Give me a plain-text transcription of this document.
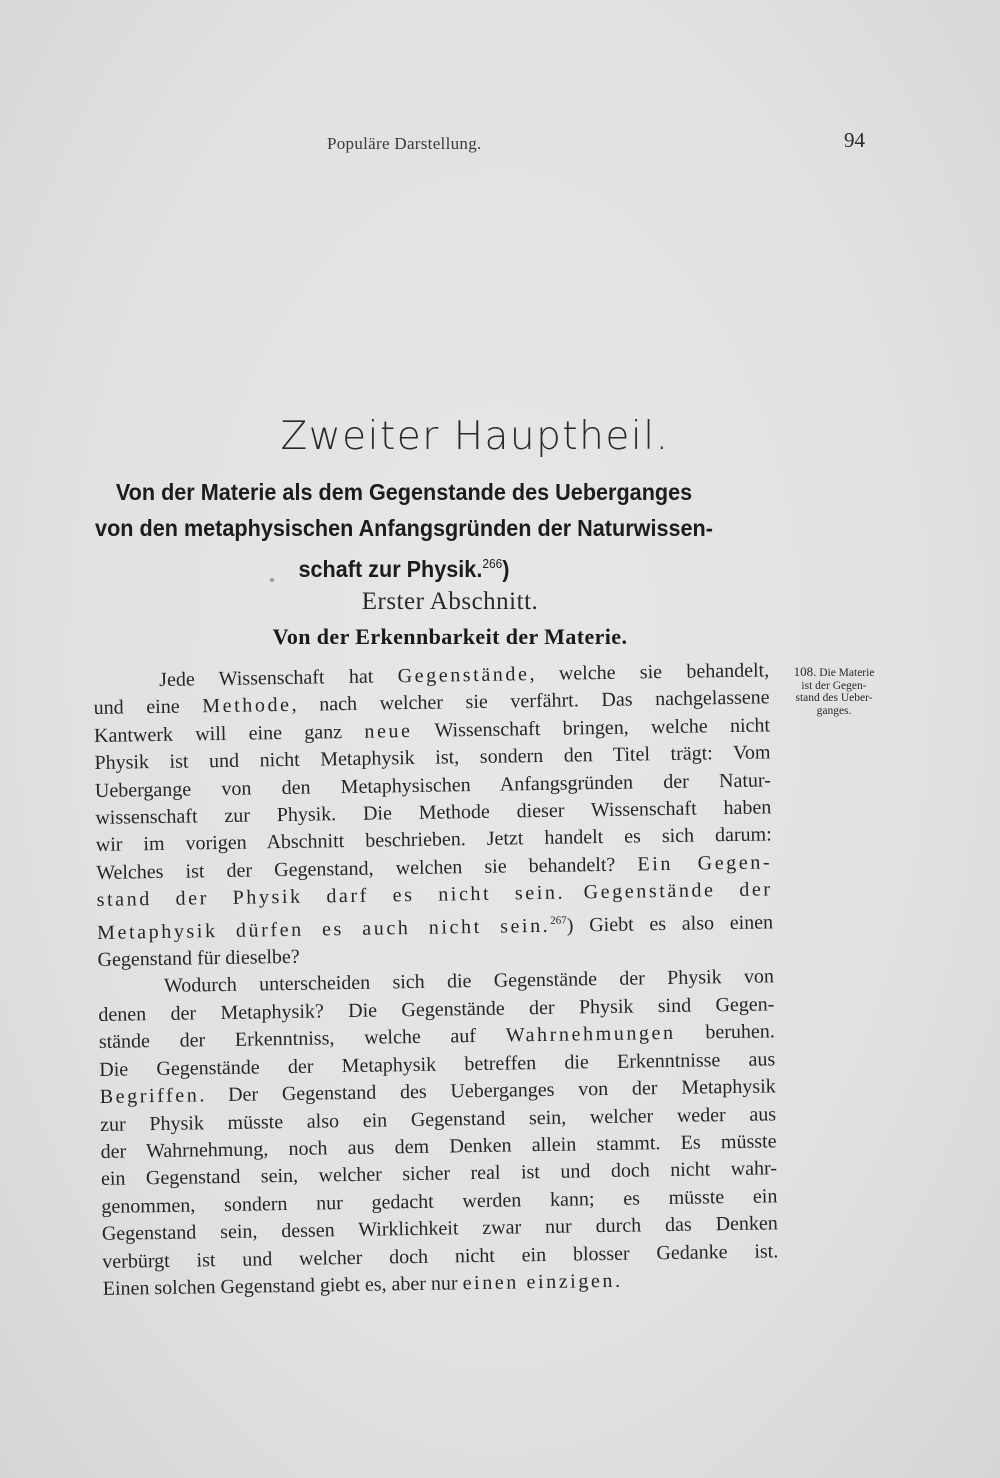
Populäre Darstellung.	94
Zweiter Hauptheil.
Von der Materie als dem Gegenstande des Ueberganges
von den metaphysischen Anfangsgründen der Naturwissen-
schaft zur Physik.$^{266}$)
Erster Abschnitt.
Von der Erkennbarkeit der Materie.
108. Die Materie
ist der Gegen-
stand des Ueber-
ganges.
Jede Wissenschaft hat Gegenstände, welche sie behandelt,
und eine Methode, nach welcher sie verfährt. Das nachgelassene
Kantwerk will eine ganz neue Wissenschaft bringen, welche nicht
Physik ist und nicht Metaphysik ist, sondern den Titel trägt: Vom
Uebergange von den Metaphysischen Anfangsgründen der Natur-
wissenschaft zur Physik. Die Methode dieser Wissenschaft haben
wir im vorigen Abschnitt beschrieben. Jetzt handelt es sich darum:
Welches ist der Gegenstand, welchen sie behandelt? Ein Gegen-
stand der Physik darf es nicht sein. Gegenstände der
Metaphysik dürfen es auch nicht sein.$^{267}$) Giebt es also einen
Gegenstand für dieselbe?
Wodurch unterscheiden sich die Gegenstände der Physik von
denen der Metaphysik? Die Gegenstände der Physik sind Gegen-
stände der Erkenntniss, welche auf Wahrnehmungen beruhen.
Die Gegenstände der Metaphysik betreffen die Erkenntnisse aus
Begriffen. Der Gegenstand des Ueberganges von der Metaphysik
zur Physik müsste also ein Gegenstand sein, welcher weder aus
der Wahrnehmung, noch aus dem Denken allein stammt. Es müsste
ein Gegenstand sein, welcher sicher real ist und doch nicht wahr-
genommen, sondern nur gedacht werden kann; es müsste ein
Gegenstand sein, dessen Wirklichkeit zwar nur durch das Denken
verbürgt ist und welcher doch nicht ein blosser Gedanke ist.
Einen solchen Gegenstand giebt es, aber nur einen einzigen.
